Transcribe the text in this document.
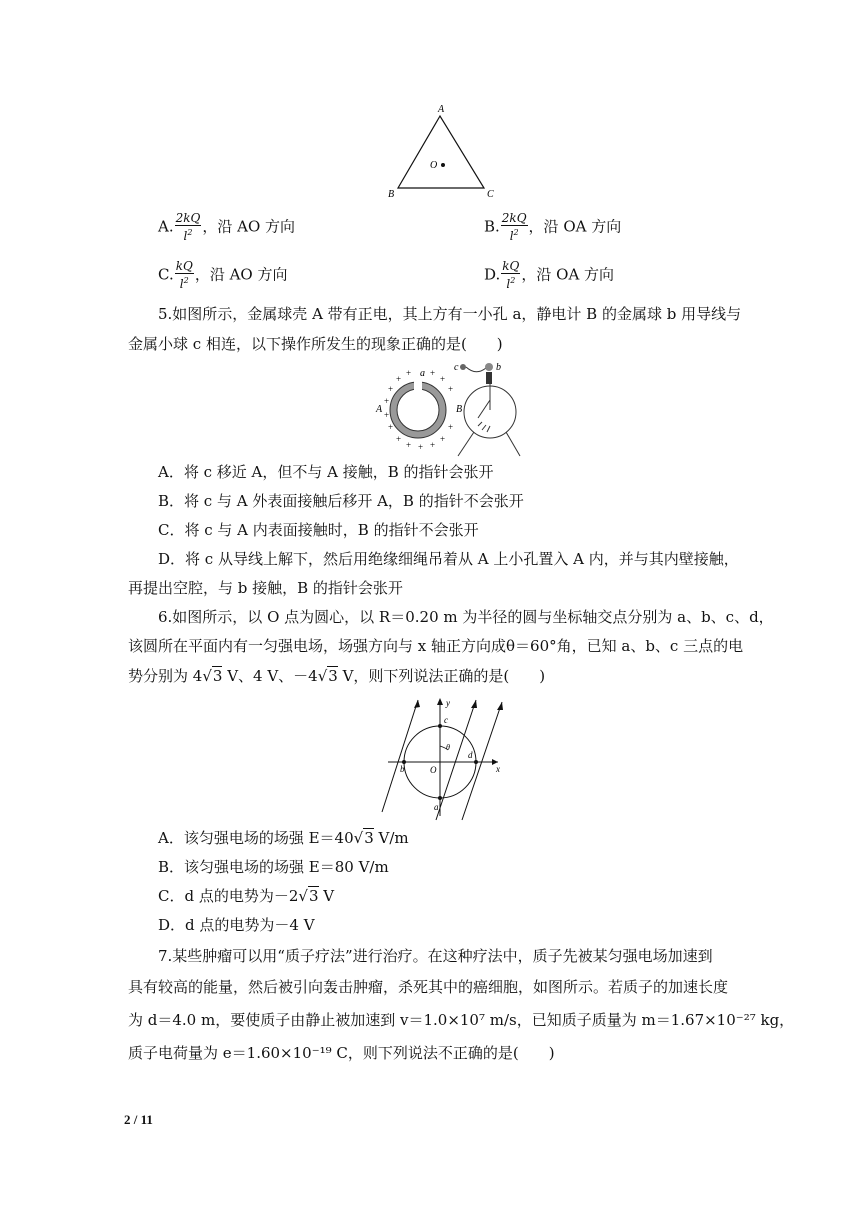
A
B	C
O
A. $\frac{2kQ}{l^2}$ ，沿 AO 方向	B. $\frac{2kQ}{l^2}$ ，沿 OA 方向
C. $\frac{kQ}{l^2}$ ，沿 AO 方向	D. $\frac{kQ}{l^2}$ ，沿 OA 方向
5.如图所示，金属球壳 A 带有正电，其上方有一小孔 a，静电计 B 的金属球 b 用导线与
金属小球 c 相连，以下操作所发生的现象正确的是(　　)
a
A
+
+
+
+
+
+
+ + +
+
+
+
+
+ + c	b
B
A．将 c 移近 A，但不与 A 接触，B 的指针会张开
B．将 c 与 A 外表面接触后移开 A，B 的指针不会张开
C．将 c 与 A 内表面接触时，B 的指针不会张开
D．将 c 从导线上解下，然后用绝缘细绳吊着从 A 上小孔置入 A 内，并与其内壁接触，
再提出空腔，与 b 接触，B 的指针会张开
6.如图所示，以 O 点为圆心，以 R＝0.20 m 为半径的圆与坐标轴交点分别为 a、b、c、d，
该圆所在平面内有一匀强电场，场强方向与 x 轴正方向成θ＝60°角，已知 a、b、c 三点的电
势分别为 4√3 V、4 V、－4√3 V，则下列说法正确的是(　　)
y
x
θ
c
d
b	O
a
A．该匀强电场的场强 E＝40√3 V/m
B．该匀强电场的场强 E＝80 V/m
C．d 点的电势为－2√3 V
D．d 点的电势为－4 V
7.某些肿瘤可以用“质子疗法”进行治疗。在这种疗法中，质子先被某匀强电场加速到
具有较高的能量，然后被引向轰击肿瘤，杀死其中的癌细胞，如图所示。若质子的加速长度
为 d＝4.0 m，要使质子由静止被加速到 v＝1.0×10⁷ m/s，已知质子质量为 m＝1.67×10⁻²⁷ kg，
质子电荷量为 e＝1.60×10⁻¹⁹ C，则下列说法不正确的是(　　)
2 / 11
